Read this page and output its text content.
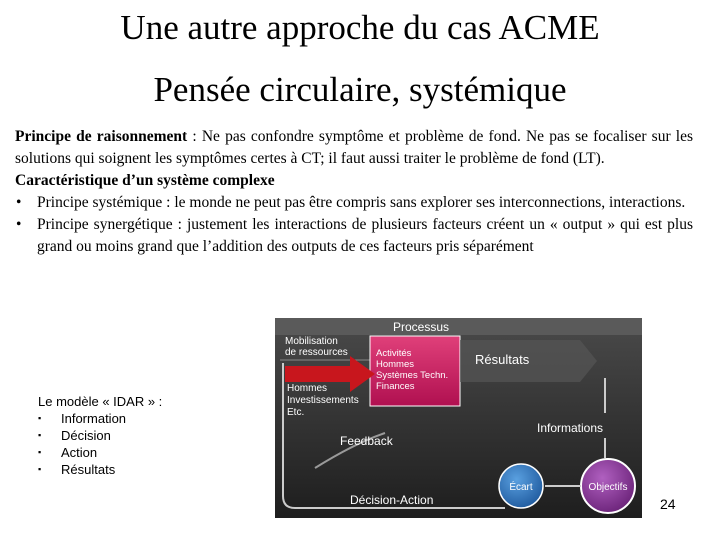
Une autre approche du cas ACME
Pensée circulaire, systémique

Principe de raisonnement : Ne pas confondre symptôme et problème de fond. Ne pas se focaliser sur les solutions qui soignent les symptômes certes à CT; il faut aussi traiter le problème de fond (LT).

Caractéristique d’un système complexe

• Principe systémique : le monde ne peut pas être compris sans explorer ses interconnections, interactions.
• Principe synergétique : justement les interactions de plusieurs facteurs créent un « output » qui est plus grand ou moins grand que l’addition des outputs de ces facteurs pris séparément
Le modèle « IDAR » :
▪ Information
▪ Décision
▪ Action
▪ Résultats
Processus
Mobilisation
de ressources	Activités
Hommes
Systèmes Techn.
Finances
Résultats
Hommes
Investissements
Etc.
Informations
Feedback
Décision-Action
Écart	Objectifs
24
